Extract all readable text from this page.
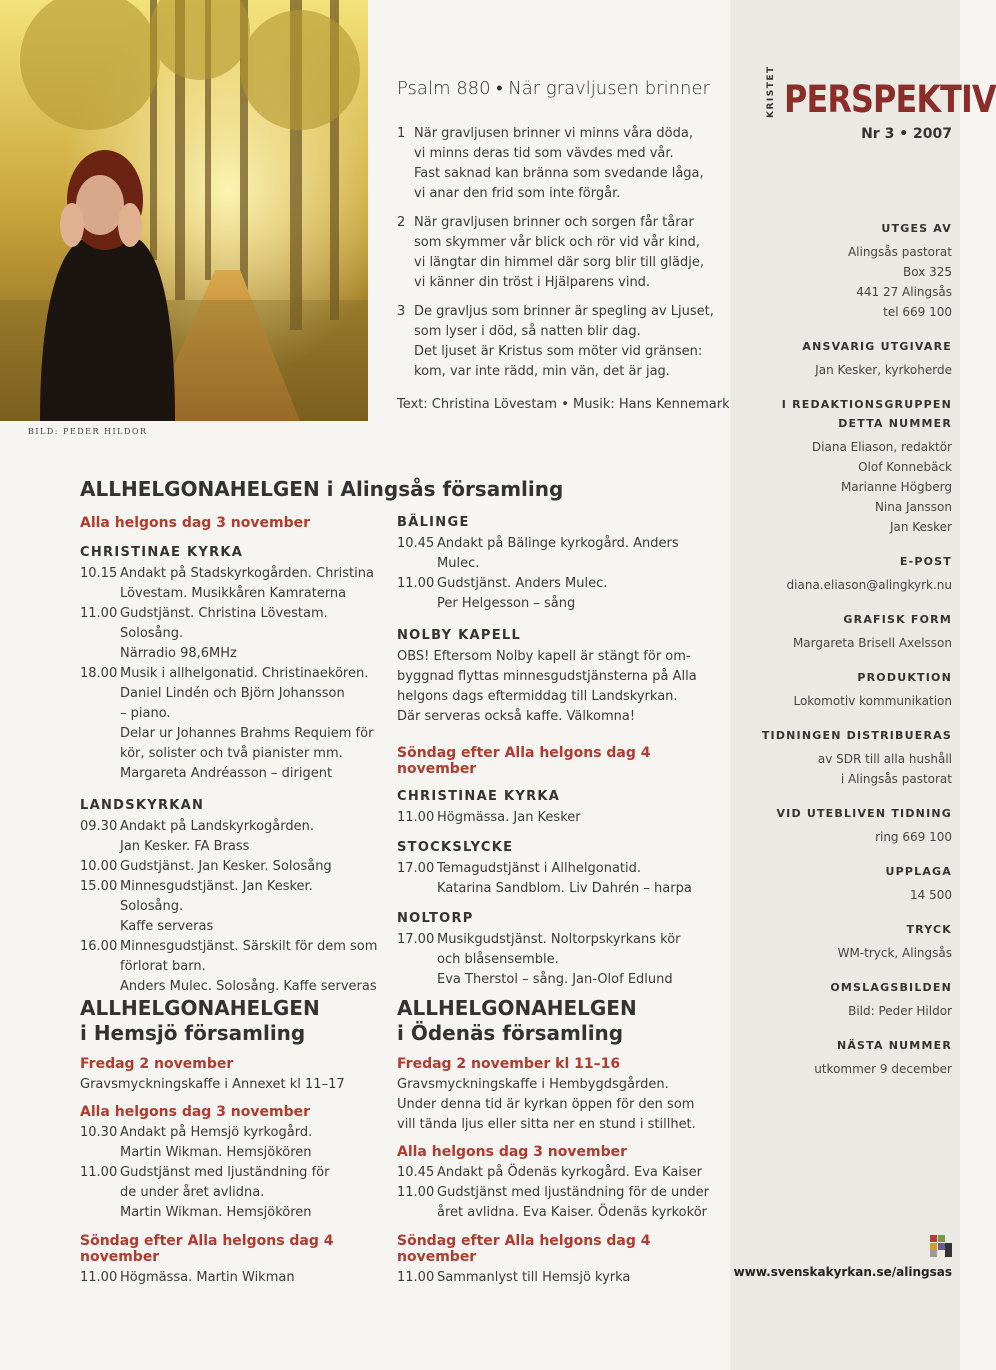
BILD: PEDER HILDOR
Psalm 880 • När gravljusen brinner
1 När gravljusen brinner vi minns våra döda,
vi minns deras tid som vävdes med vår.
Fast saknad kan bränna som svedande låga,
vi anar den frid som inte förgår.
2 När gravljusen brinner och sorgen får tårar
som skymmer vår blick och rör vid vår kind,
vi längtar din himmel där sorg blir till glädje,
vi känner din tröst i Hjälparens vind.
3 De gravljus som brinner är spegling av Ljuset,
som lyser i död, så natten blir dag.
Det ljuset är Kristus som möter vid gränsen:
kom, var inte rädd, min vän, det är jag.
Text: Christina Lövestam • Musik: Hans Kennemark
KRISTET PERSPEKTIV
Nr 3 • 2007
UTGES AV
Alingsås pastorat
Box 325
441 27 Alingsås
tel 669 100
ANSVARIG UTGIVARE
Jan Kesker, kyrkoherde
I REDAKTIONSGRUPPEN
DETTA NUMMER
Diana Eliason, redaktör
Olof Konnebäck
Marianne Högberg
Nina Jansson
Jan Kesker
E-POST
diana.eliason@alingkyrk.nu
GRAFISK FORM
Margareta Brisell Axelsson
PRODUKTION
Lokomotiv kommunikation
TIDNINGEN DISTRIBUERAS
av SDR till alla hushåll
i Alingsås pastorat
VID UTEBLIVEN TIDNING
ring 669 100
UPPLAGA
14 500
TRYCK
WM-tryck, Alingsås
OMSLAGSBILDEN
Bild: Peder Hildor
NÄSTA NUMMER
utkommer 9 december
www.svenskakyrkan.se/alingsas
ALLHELGONAHELGEN i Alingsås församling
Alla helgons dag 3 november
CHRISTINAE KYRKA
10.15 Andakt på Stadskyrkogården. Christina
Lövestam. Musikkåren Kamraterna
11.00 Gudstjänst. Christina Lövestam. Solosång.
Närradio 98,6MHz
18.00 Musik i allhelgonatid. Christinaekören.
Daniel Lindén och Björn Johansson
– piano.
Delar ur Johannes Brahms Requiem för
kör, solister och två pianister mm.
Margareta Andréasson – dirigent
LANDSKYRKAN
09.30 Andakt på Landskyrkogården.
Jan Kesker. FA Brass
10.00 Gudstjänst. Jan Kesker. Solosång
15.00 Minnesgudstjänst. Jan Kesker. Solosång.
Kaffe serveras
16.00 Minnesgudstjänst. Särskilt för dem som
förlorat barn.
Anders Mulec. Solosång. Kaffe serveras
BÄLINGE
10.45 Andakt på Bälinge kyrkogård. Anders Mulec.
11.00 Gudstjänst. Anders Mulec.
Per Helgesson – sång
NOLBY KAPELL
OBS! Eftersom Nolby kapell är stängt för om-
byggnad flyttas minnesgudstjänsterna på Alla
helgons dags eftermiddag till Landskyrkan.
Där serveras också kaffe. Välkomna!
Söndag efter Alla helgons dag 4 november
CHRISTINAE KYRKA
11.00 Högmässa. Jan Kesker
STOCKSLYCKE
17.00 Temagudstjänst i Allhelgonatid.
Katarina Sandblom. Liv Dahrén – harpa
NOLTORP
17.00 Musikgudstjänst. Noltorpskyrkans kör
och blåsensemble.
Eva Therstol – sång. Jan-Olof Edlund
ALLHELGONAHELGEN
i Hemsjö församling
Fredag 2 november
Gravsmyckningskaffe i Annexet kl 11–17
Alla helgons dag 3 november
10.30 Andakt på Hemsjö kyrkogård.
Martin Wikman. Hemsjökören
11.00 Gudstjänst med ljuständning för
de under året avlidna.
Martin Wikman. Hemsjökören
Söndag efter Alla helgons dag 4 november
11.00 Högmässa. Martin Wikman
ALLHELGONAHELGEN
i Ödenäs församling
Fredag 2 november kl 11–16
Gravsmyckningskaffe i Hembygdsgården.
Under denna tid är kyrkan öppen för den som
vill tända ljus eller sitta ner en stund i stillhet.
Alla helgons dag 3 november
10.45 Andakt på Ödenäs kyrkogård. Eva Kaiser
11.00 Gudstjänst med ljuständning för de under
året avlidna. Eva Kaiser. Ödenäs kyrkokör
Söndag efter Alla helgons dag 4 november
11.00 Sammanlyst till Hemsjö kyrka
